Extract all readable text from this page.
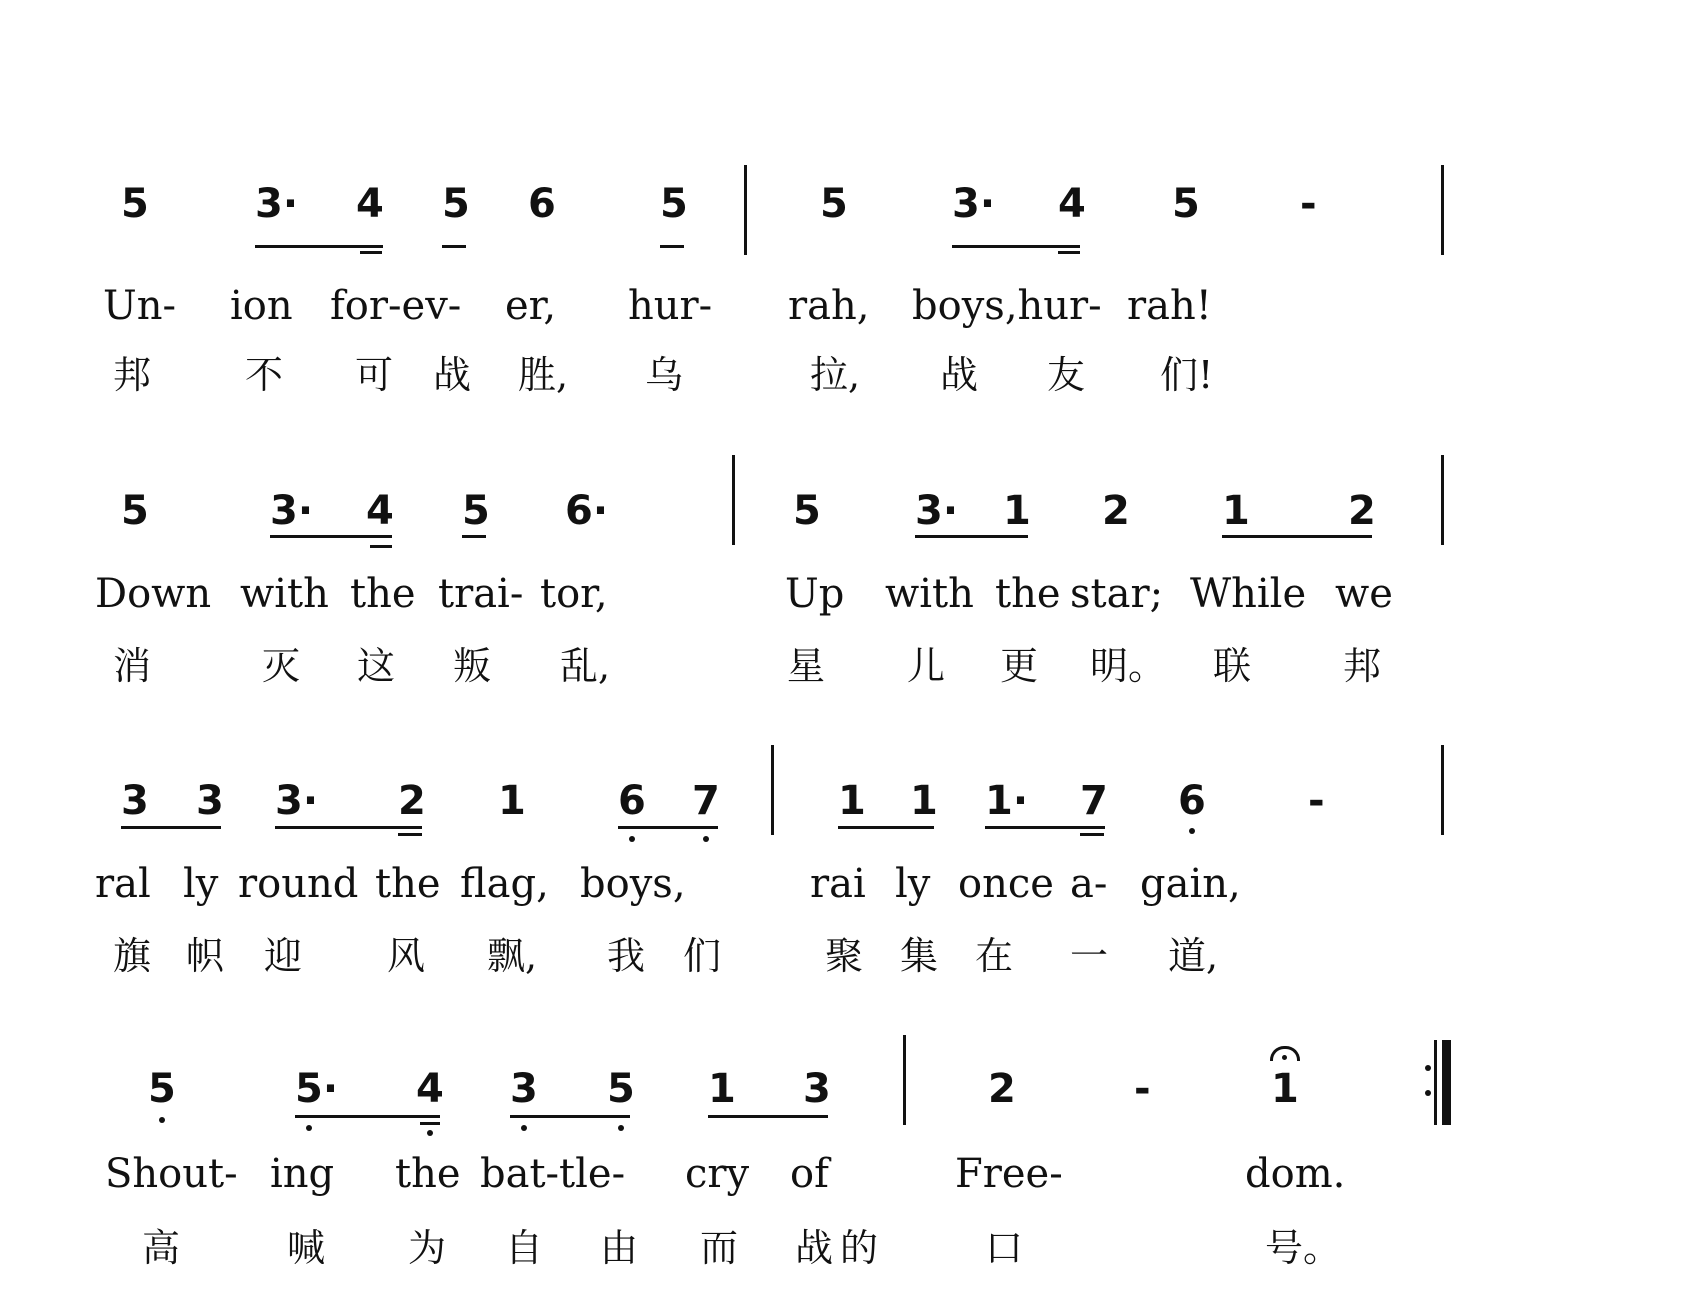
5	3· 4 5 6	5	5	3· 4 5	-
Un- ion for-ev- er, hur- rah, boys,hur- rah!
邦 不 可 战 胜, 乌	拉, 战 友 们!
5	3· 4 5 6·	5 3· 1 2 1 2
Down with the trai- tor,	Up with the star; While we
消	灭 这 叛 乱,	星 儿 更 明。 联 邦
3 3 3· 2 1 6 7	1 1 1· 7 6	-
ral ly round the flag, boys,	rai ly once a- gain,
旗 帜 迎 风 飘, 我 们	聚 集 在 一 道,
5	5· 4 3 5 1 3	2	-	1
Shout- ing the bat-tle- cry of	Free-	dom.
高	喊 为 自 由 而 战 的	口	号。
